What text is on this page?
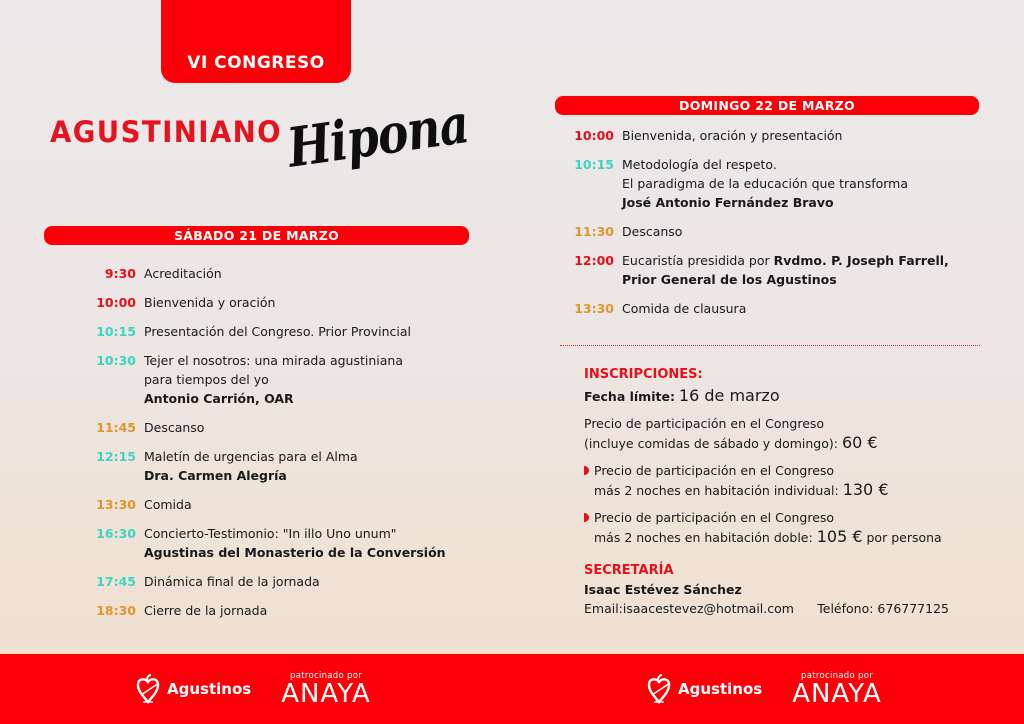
VI CONGRESO
AGUSTINIANO Hipona
SÁBADO 21 DE MARZO
9:30 Acreditación
10:00 Bienvenida y oración
10:15 Presentación del Congreso. Prior Provincial
10:30 Tejer el nosotros: una mirada agustiniana
para tiempos del yo
Antonio Carrión, OAR
11:45 Descanso
12:15 Maletín de urgencias para el Alma
Dra. Carmen Alegría
13:30 Comida
16:30 Concierto-Testimonio: "In illo Uno unum"
Agustinas del Monasterio de la Conversión
17:45 Dinámica final de la jornada
18:30 Cierre de la jornada
DOMINGO 22 DE MARZO
10:00 Bienvenida, oración y presentación
10:15 Metodología del respeto.
El paradigma de la educación que transforma
José Antonio Fernández Bravo
11:30 Descanso
12:00 Eucaristía presidida por Rvdmo. P. Joseph Farrell,
Prior General de los Agustinos
13:30 Comida de clausura
INSCRIPCIONES:
Fecha límite: 16 de marzo
Precio de participación en el Congreso
(incluye comidas de sábado y domingo): 60 €
Precio de participación en el Congreso
más 2 noches en habitación individual: 130 €
Precio de participación en el Congreso
más 2 noches en habitación doble: 105 € por persona
SECRETARÍA
Isaac Estévez Sánchez
Email:isaacestevez@hotmail.com Teléfono: 676777125
Agustinos
patrocinado por
ANAYA	Agustinos
patrocinado por
ANAYA
